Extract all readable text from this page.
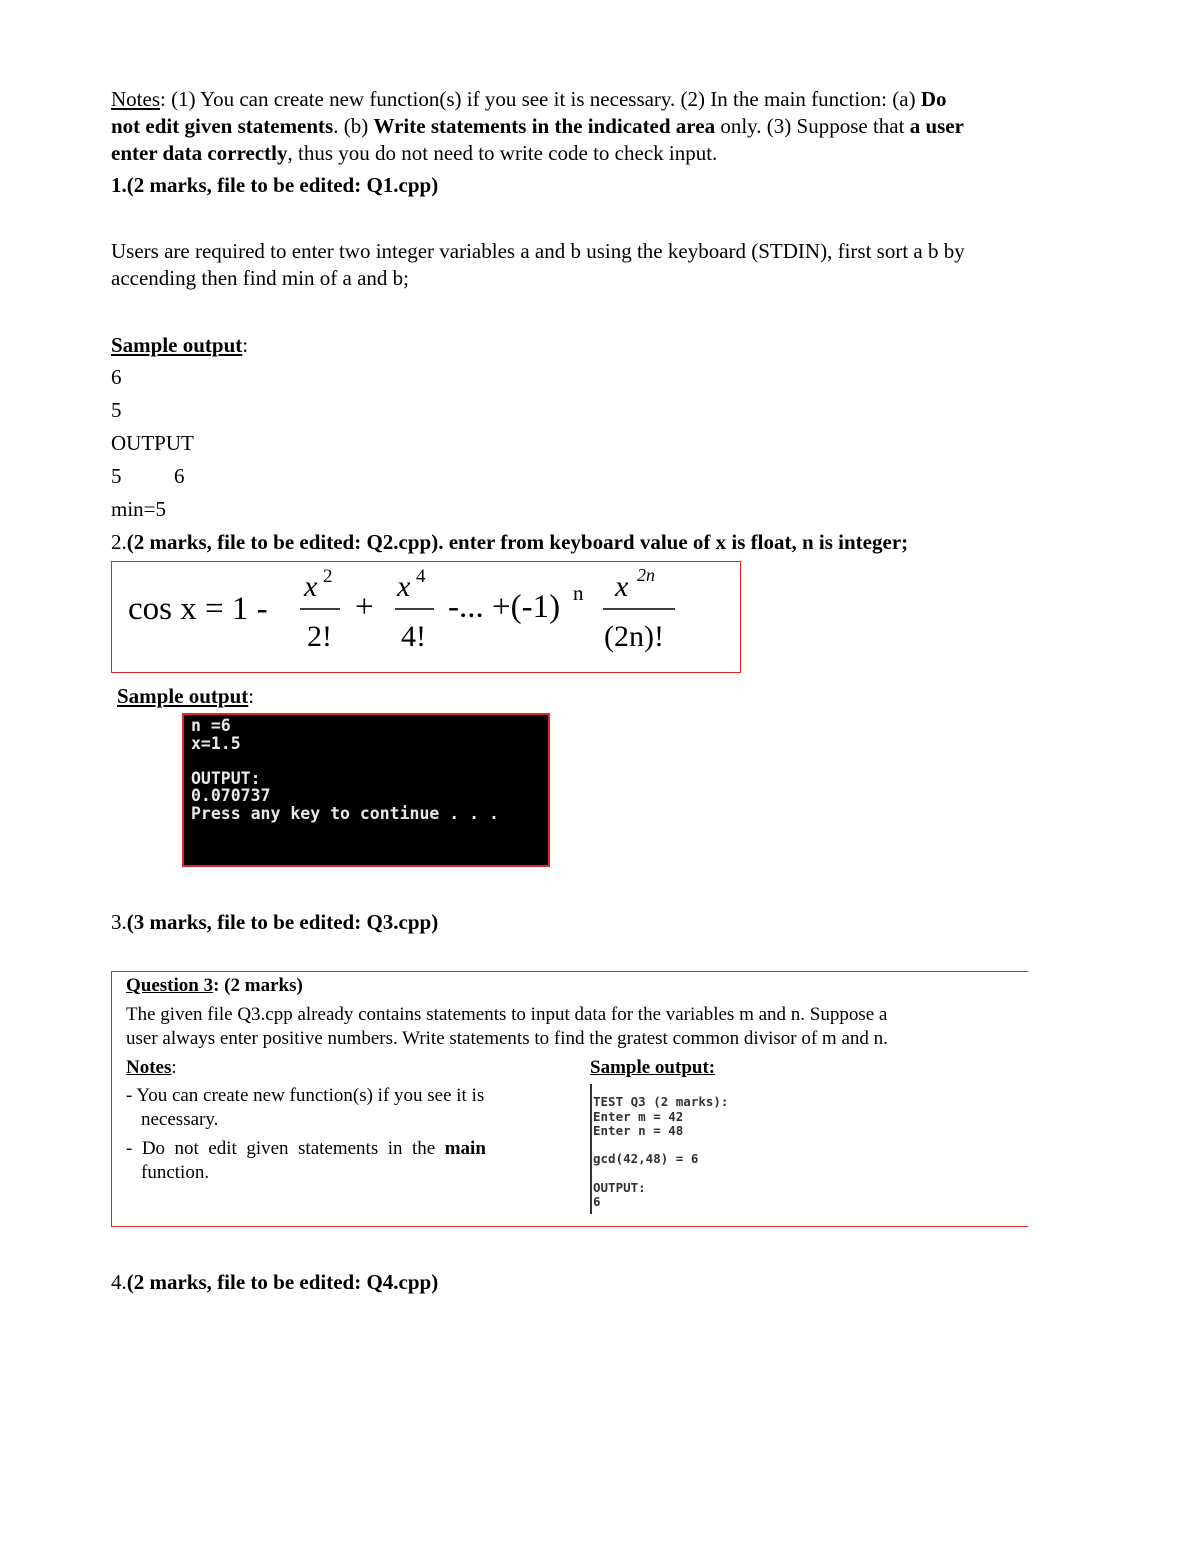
Notes: (1) You can create new function(s) if you see it is necessary. (2) In the main function: (a) Do
not edit given statements. (b) Write statements in the indicated area only. (3) Suppose that a user
enter data correctly, thus you do not need to write code to check input.
1.(2 marks, file to be edited: Q1.cpp)
Users are required to enter two integer variables a and b using the keyboard (STDIN), first sort a b by
accending then find min of a and b;
Sample output:
6
5
OUTPUT
5          6
min=5
2.(2 marks, file to be edited: Q2.cpp). enter from keyboard value of x is float, n is integer;
cos x = 1 -
x 2
2!
+
x 4
4!
-... +(-1) n x 2n
(2n)!
Sample output:
n =6
x=1.5
OUTPUT:
0.070737
Press any key to continue . . .
3.(3 marks, file to be edited: Q3.cpp)
Question 3: (2 marks)
The given file Q3.cpp already contains statements to input data for the variables m and n. Suppose a
user always enter positive numbers. Write statements to find the gratest common divisor of m and n.
Notes:
- You can create new function(s) if you see it is
necessary.
-  Do  not  edit  given  statements  in  the main
function.
Sample output:
TEST Q3 (2 marks):
Enter m = 42
Enter n = 48
gcd(42,48) = 6
OUTPUT:
6
4.(2 marks, file to be edited: Q4.cpp)
